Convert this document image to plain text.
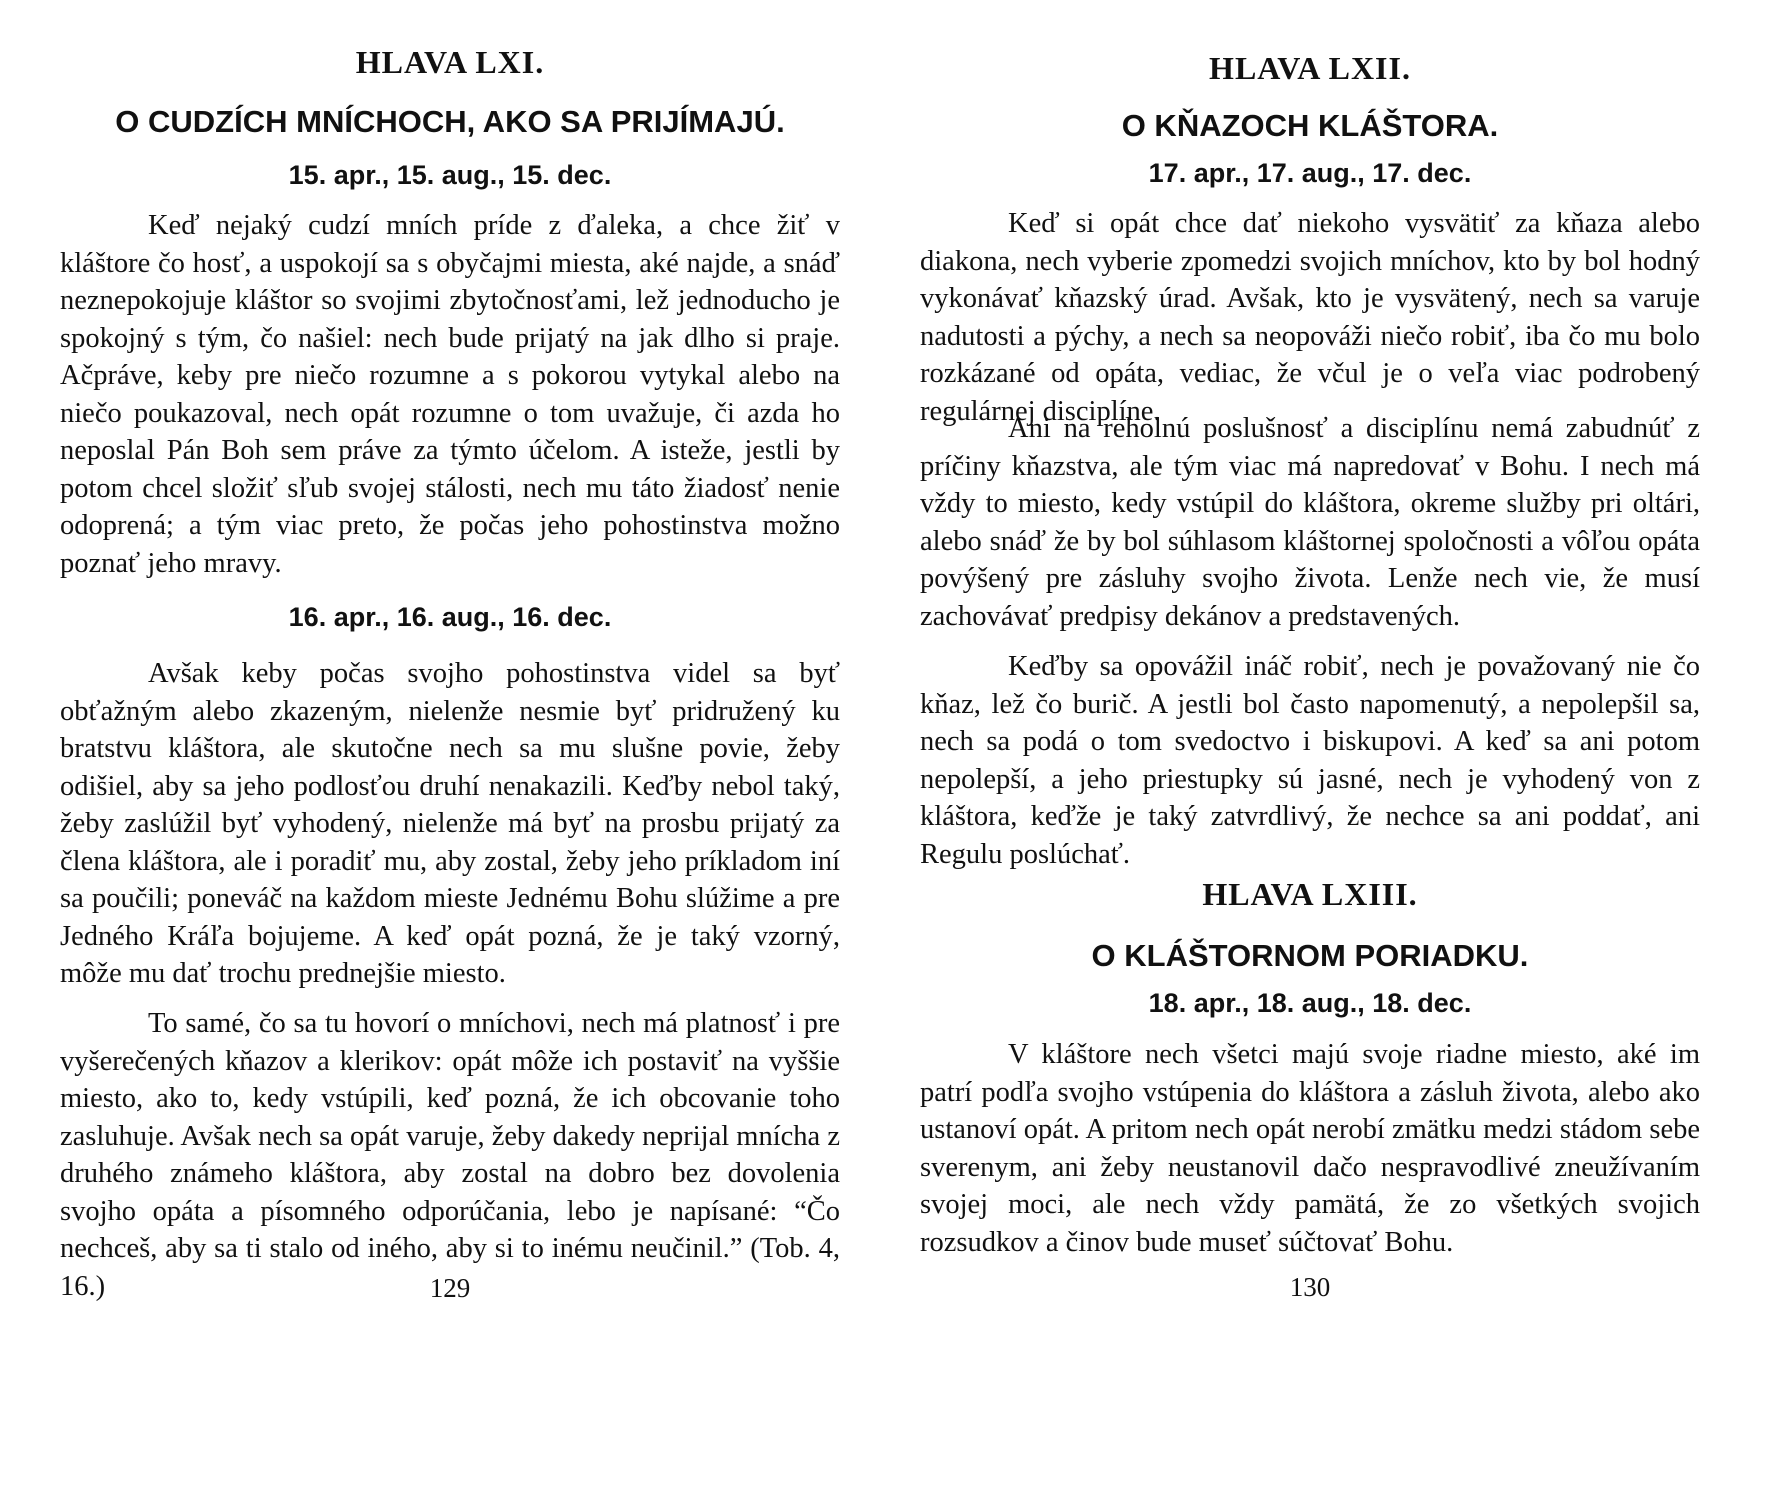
HLAVA LXI.
O CUDZÍCH MNÍCHOCH, AKO SA PRIJÍMAJÚ.
15. apr., 15. aug., 15. dec.

Keď nejaký cudzí mních príde z ďaleka, a chce žiť v kláštore čo hosť, a uspokojí sa s obyčajmi miesta, aké najde, a snáď neznepokojuje kláštor so svojimi zbytočnosťami, lež jednoducho je spokojný s tým, čo našiel: nech bude prijatý na jak dlho si praje. Ačpráve, keby pre niečo rozumne a s pokorou vytykal alebo na niečo poukazoval, nech opát rozumne o tom uvažuje, či azda ho neposlal Pán Boh sem práve za týmto účelom. A isteže, jestli by potom chcel složiť sľub svojej stálosti, nech mu táto žiadosť nenie odoprená; a tým viac preto, že počas jeho pohostinstva možno poznať jeho mravy.

16. apr., 16. aug., 16. dec.

Avšak keby počas svojho pohostinstva videl sa byť obťažným alebo zkazeným, nielenže nesmie byť pridružený ku bratstvu kláštora, ale skutočne nech sa mu slušne povie, žeby odišiel, aby sa jeho podlosťou druhí nenakazili. Keďby nebol taký, žeby zaslúžil byť vyhodený, nielenže má byť na prosbu prijatý za člena kláštora, ale i poradiť mu, aby zostal, žeby jeho príkladom iní sa poučili; poneváč na každom mieste Jednému Bohu slúžime a pre Jedného Kráľa bojujeme. A keď opát pozná, že je taký vzorný, môže mu dať trochu prednejšie miesto.

To samé, čo sa tu hovorí o mníchovi, nech má platnosť i pre vyšerečených kňazov a klerikov: opát môže ich postaviť na vyššie miesto, ako to, kedy vstúpili, keď pozná, že ich obcovanie toho zasluhuje. Avšak nech sa opát varuje, žeby dakedy neprijal mnícha z druhého známeho kláštora, aby zostal na dobro bez dovolenia svojho opáta a písomného odporúčania, lebo je napísané: “Čo nechceš, aby sa ti stalo od iného, aby si to inému neučinil.” (Tob. 4, 16.)	129
HLAVA LXII.
O KŇAZOCH KLÁŠTORA.
17. apr., 17. aug., 17. dec.

Keď si opát chce dať niekoho vysvätiť za kňaza alebo diakona, nech vyberie zpomedzi svojich mníchov, kto by bol hodný vykonávať kňazský úrad. Avšak, kto je vysvätený, nech sa varuje nadutosti a pýchy, a nech sa neopováži niečo robiť, iba čo mu bolo rozkázané od opáta, vediac, že včul je o veľa viac podrobený regulárnej disciplíne.

Ani na reholnú poslušnosť a disciplínu nemá zabudnúť z príčiny kňazstva, ale tým viac má napredovať v Bohu. I nech má vždy to miesto, kedy vstúpil do kláštora, okreme služby pri oltári, alebo snáď že by bol súhlasom kláštornej spoločnosti a vôľou opáta povýšený pre zásluhy svojho života. Lenže nech vie, že musí zachovávať predpisy dekánov a predstavených.

Keďby sa opovážil ináč robiť, nech je považovaný nie čo kňaz, lež čo burič. A jestli bol často napomenutý, a nepolepšil sa, nech sa podá o tom svedoctvo i biskupovi. A keď sa ani potom nepolepší, a jeho priestupky sú jasné, nech je vyhodený von z kláštora, keďže je taký zatvrdlivý, že nechce sa ani poddať, ani Regulu poslúchať.

HLAVA LXIII.
O KLÁŠTORNOM PORIADKU.
18. apr., 18. aug., 18. dec.

V kláštore nech všetci majú svoje riadne miesto, aké im patrí podľa svojho vstúpenia do kláštora a zásluh života, alebo ako ustanoví opát. A pritom nech opát nerobí zmätku medzi stádom sebe sverenym, ani žeby neustanovil dačo nespravodlivé zneužívaním svojej moci, ale nech vždy pamätá, že zo všetkých svojich rozsudkov a činov bude museť súčtovať Bohu.

130
